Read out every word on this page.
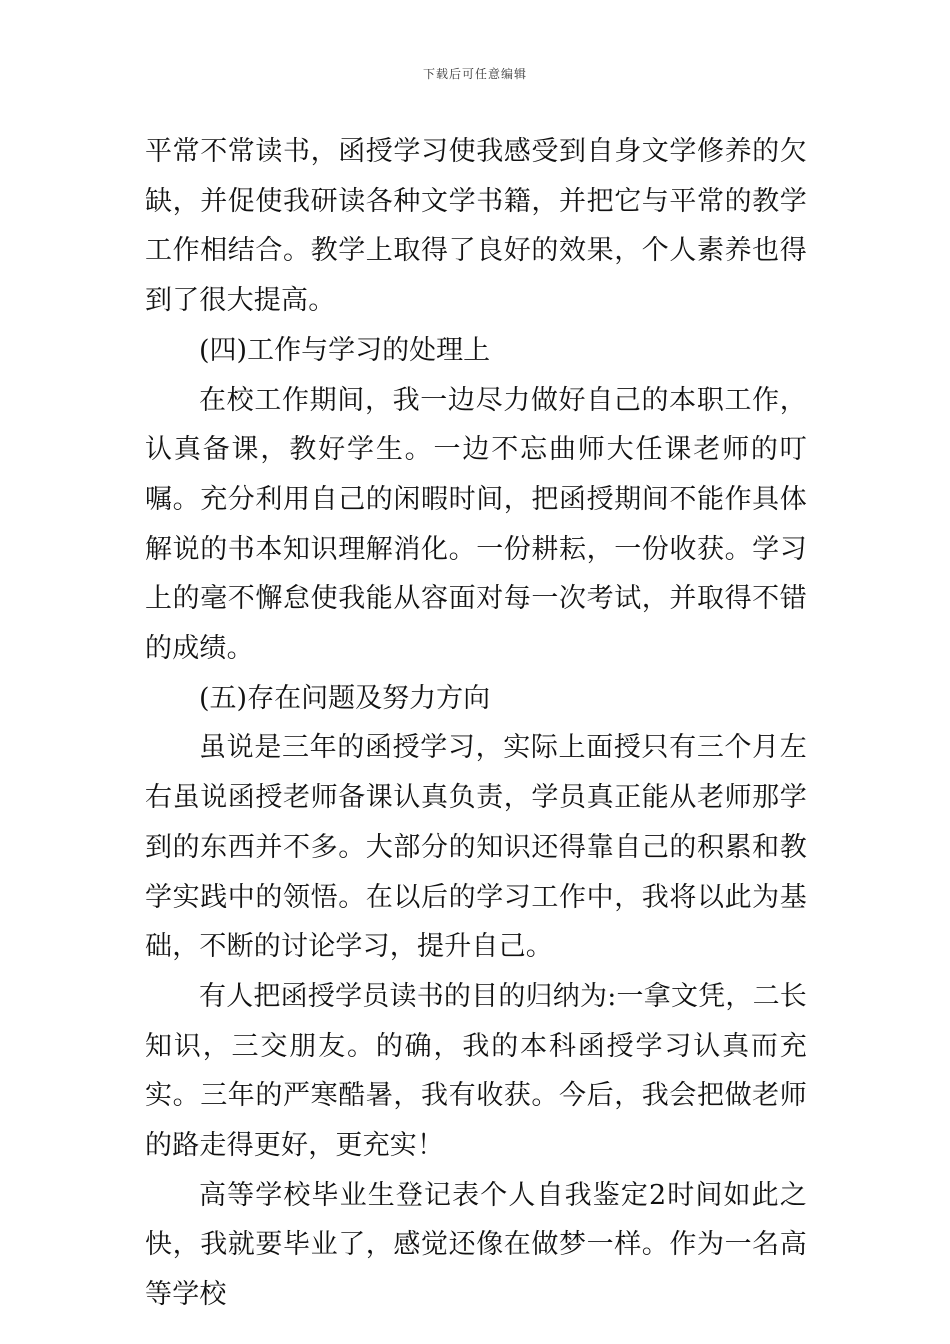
下载后可任意编辑

平常不常读书，函授学习使我感受到自身文学修养的欠缺，并促使我研读各种文学书籍，并把它与平常的教学工作相结合。教学上取得了良好的效果，个人素养也得到了很大提高。

(四)工作与学习的处理上

在校工作期间，我一边尽力做好自己的本职工作，认真备课，教好学生。一边不忘曲师大任课老师的叮嘱。充分利用自己的闲暇时间，把函授期间不能作具体解说的书本知识理解消化。一份耕耘，一份收获。学习上的毫不懈怠使我能从容面对每一次考试，并取得不错的成绩。

(五)存在问题及努力方向

虽说是三年的函授学习，实际上面授只有三个月左右虽说函授老师备课认真负责，学员真正能从老师那学到的东西并不多。大部分的知识还得靠自己的积累和教学实践中的领悟。在以后的学习工作中，我将以此为基础，不断的讨论学习，提升自己。

有人把函授学员读书的目的归纳为:一拿文凭，二长知识，三交朋友。的确，我的本科函授学习认真而充实。三年的严寒酷暑，我有收获。今后，我会把做老师的路走得更好，更充实！

高等学校毕业生登记表个人自我鉴定2时间如此之快，我就要毕业了，感觉还像在做梦一样。作为一名高等学校
